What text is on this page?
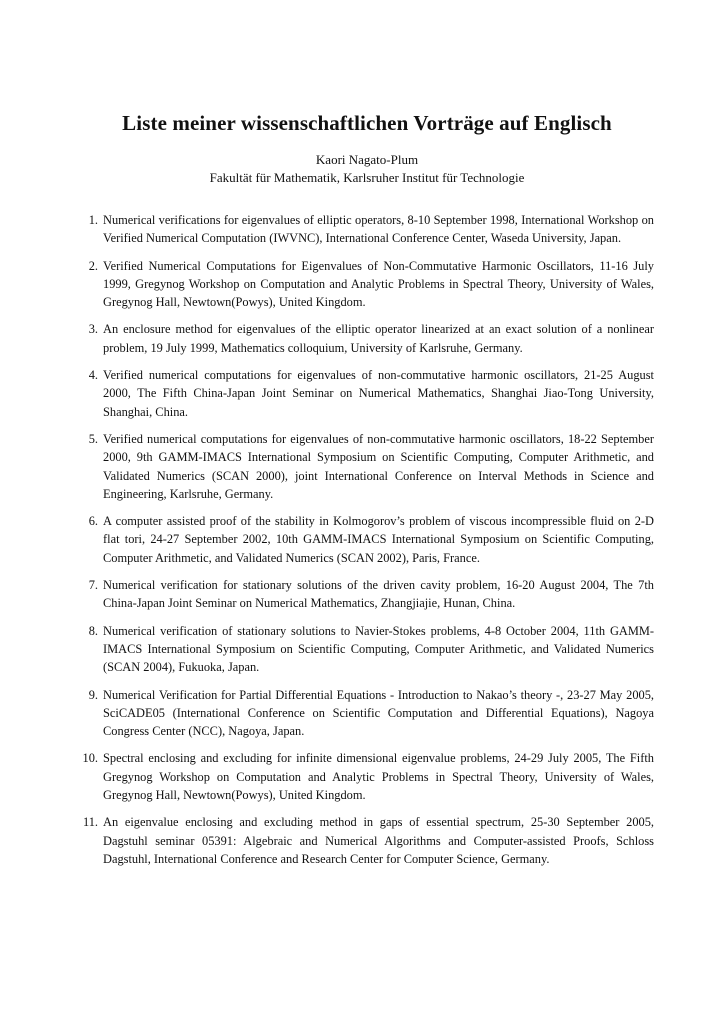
Liste meiner wissenschaftlichen Vorträge auf Englisch
Kaori Nagato-Plum
Fakultät für Mathematik, Karlsruher Institut für Technologie
1. Numerical verifications for eigenvalues of elliptic operators, 8-10 September 1998, International Workshop on Verified Numerical Computation (IWVNC), International Conference Center, Waseda University, Japan.
2. Verified Numerical Computations for Eigenvalues of Non-Commutative Harmonic Oscillators, 11-16 July 1999, Gregynog Workshop on Computation and Analytic Problems in Spectral Theory, University of Wales, Gregynog Hall, Newtown(Powys), United Kingdom.
3. An enclosure method for eigenvalues of the elliptic operator linearized at an exact solution of a nonlinear problem, 19 July 1999, Mathematics colloquium, University of Karlsruhe, Germany.
4. Verified numerical computations for eigenvalues of non-commutative harmonic oscillators, 21-25 August 2000, The Fifth China-Japan Joint Seminar on Numerical Mathematics, Shanghai Jiao-Tong University, Shanghai, China.
5. Verified numerical computations for eigenvalues of non-commutative harmonic oscillators, 18-22 September 2000, 9th GAMM-IMACS International Symposium on Scientific Computing, Computer Arithmetic, and Validated Numerics (SCAN 2000), joint International Conference on Interval Methods in Science and Engineering, Karlsruhe, Germany.
6. A computer assisted proof of the stability in Kolmogorov’s problem of viscous incompressible fluid on 2-D flat tori, 24-27 September 2002, 10th GAMM-IMACS International Symposium on Scientific Computing, Computer Arithmetic, and Validated Numerics (SCAN 2002), Paris, France.
7. Numerical verification for stationary solutions of the driven cavity problem, 16-20 August 2004, The 7th China-Japan Joint Seminar on Numerical Mathematics, Zhangjiajie, Hunan, China.
8. Numerical verification of stationary solutions to Navier-Stokes problems, 4-8 October 2004, 11th GAMM-IMACS International Symposium on Scientific Computing, Computer Arithmetic, and Validated Numerics (SCAN 2004), Fukuoka, Japan.
9. Numerical Verification for Partial Differential Equations - Introduction to Nakao’s theory -, 23-27 May 2005, SciCADE05 (International Conference on Scientific Computation and Differential Equations), Nagoya Congress Center (NCC), Nagoya, Japan.
10. Spectral enclosing and excluding for infinite dimensional eigenvalue problems, 24-29 July 2005, The Fifth Gregynog Workshop on Computation and Analytic Problems in Spectral Theory, University of Wales, Gregynog Hall, Newtown(Powys), United Kingdom.
11. An eigenvalue enclosing and excluding method in gaps of essential spectrum, 25-30 September 2005, Dagstuhl seminar 05391: Algebraic and Numerical Algorithms and Computer-assisted Proofs, Schloss Dagstuhl, International Conference and Research Center for Computer Science, Germany.
